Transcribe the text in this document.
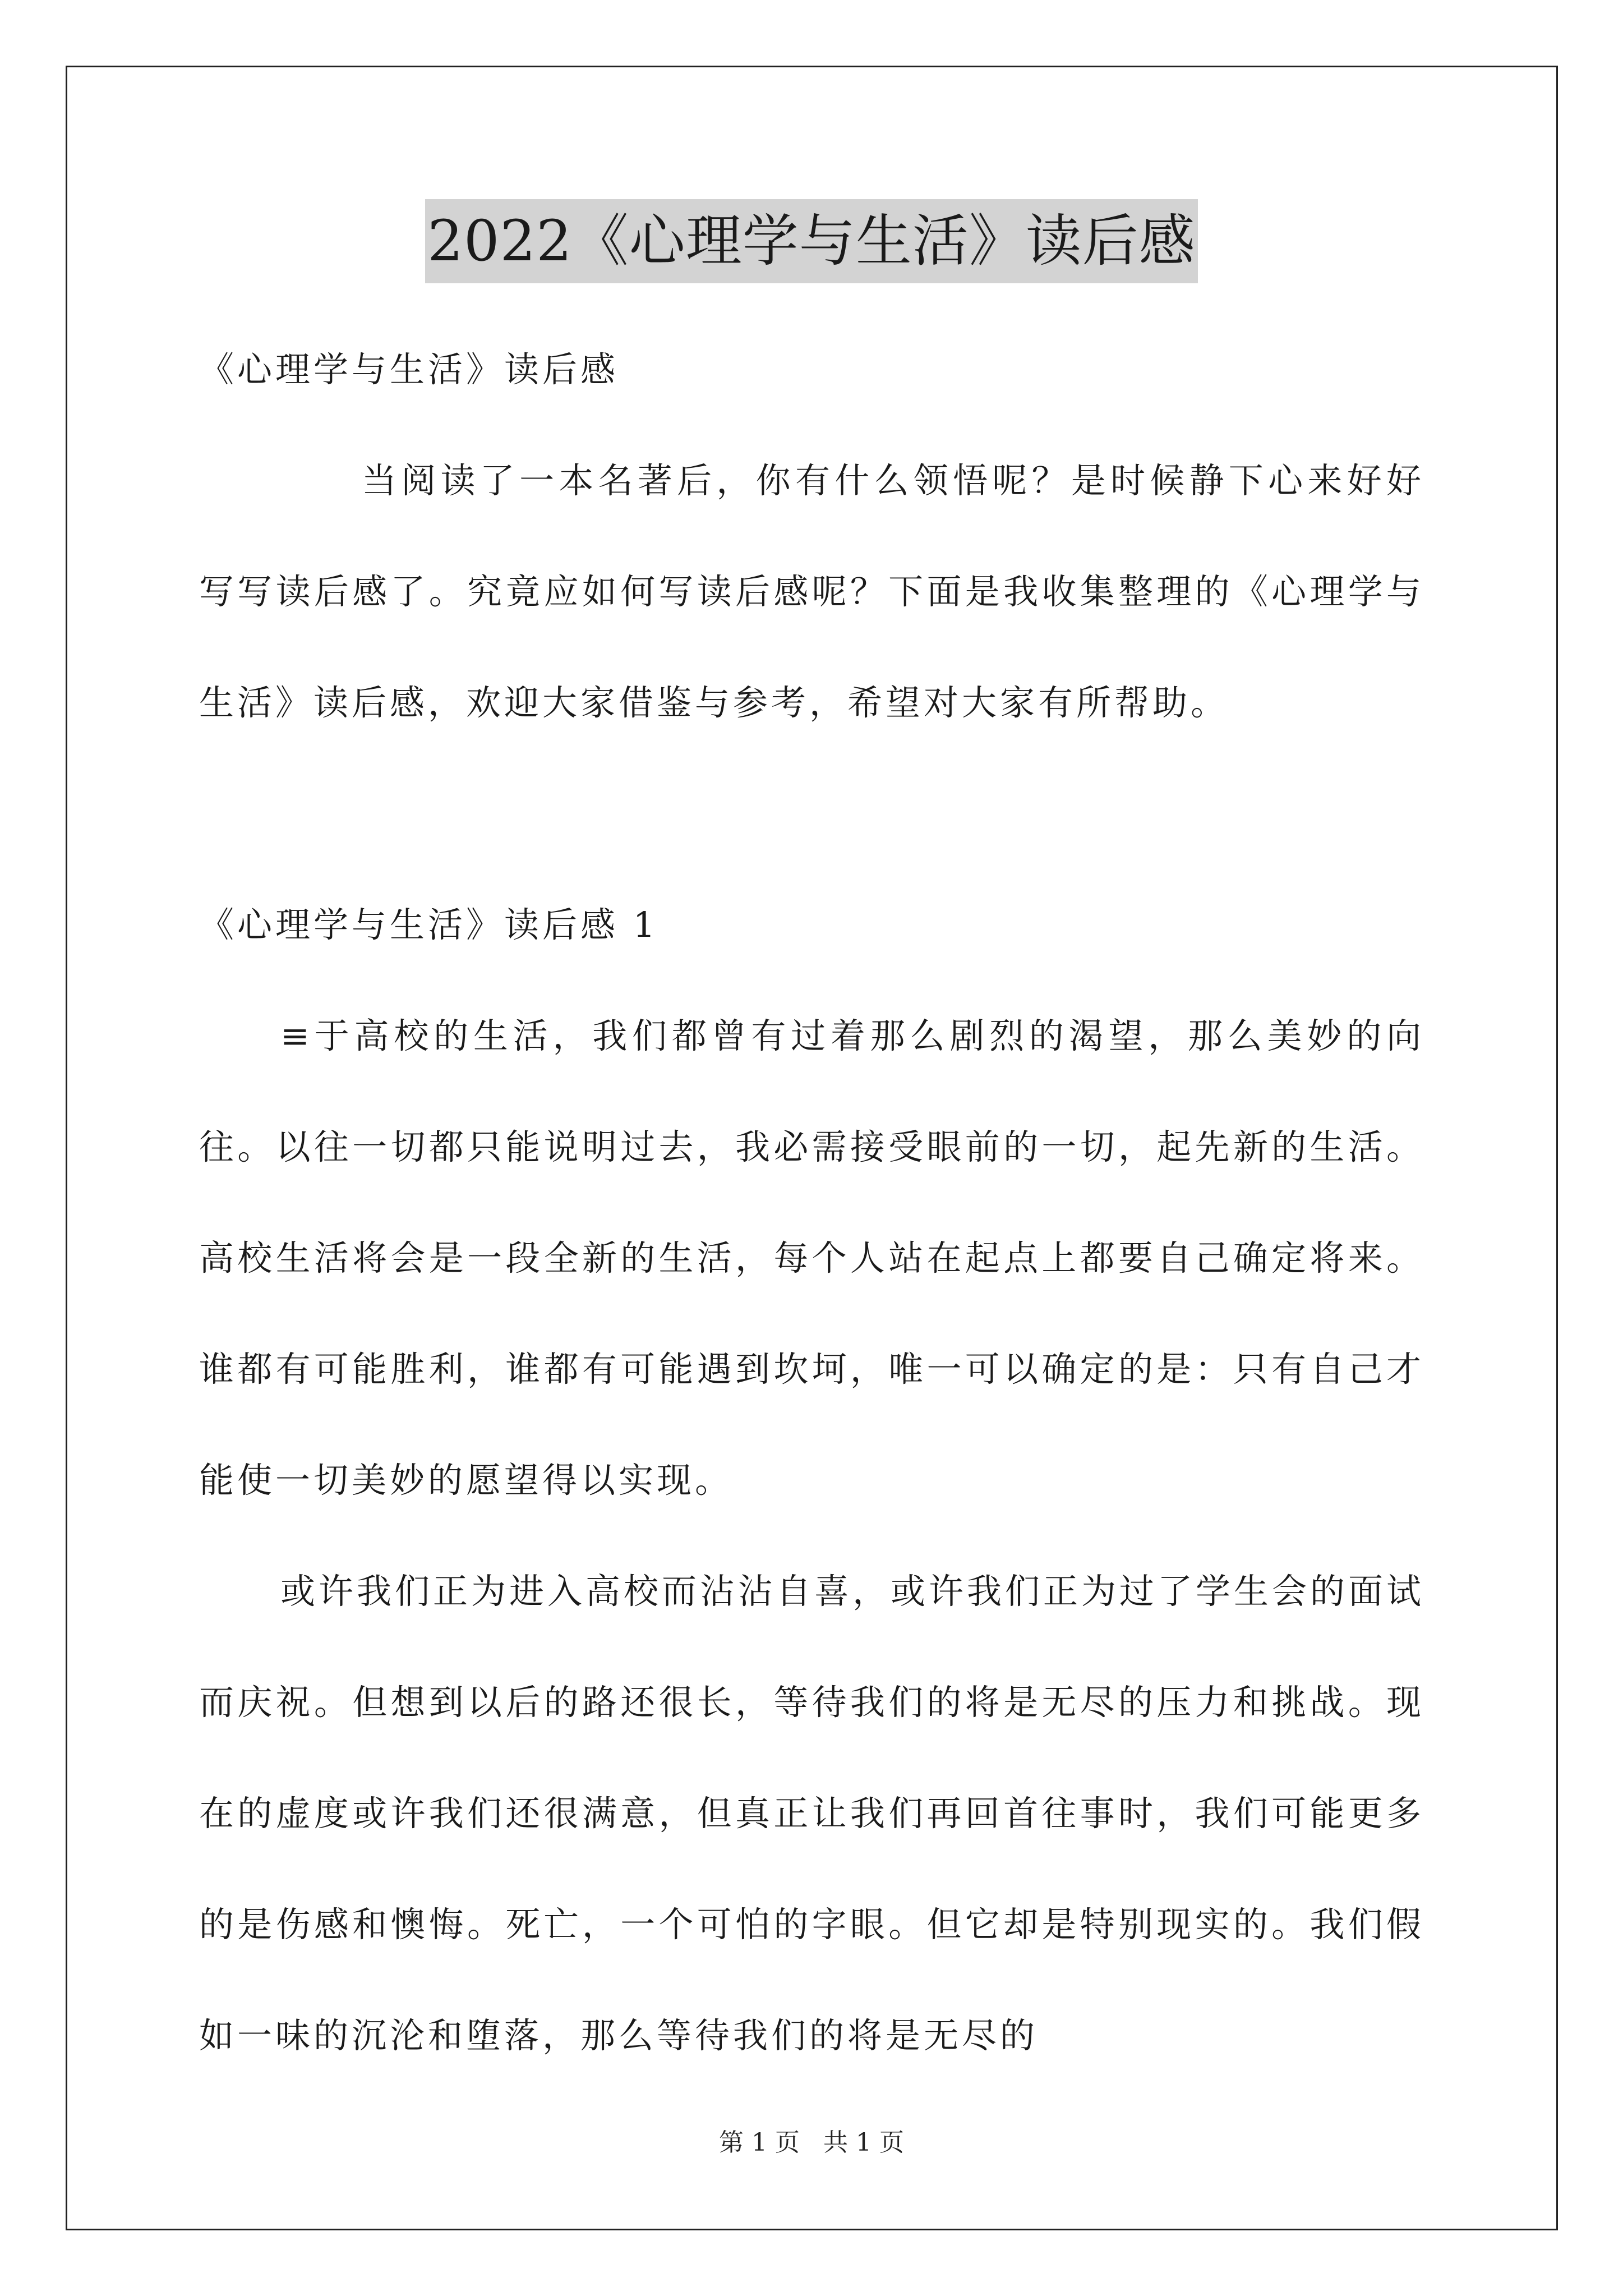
2022《心理学与生活》读后感

《心理学与生活》读后感

当阅读了一本名著后，你有什么领悟呢？是时候静下心来好好写写读后感了。究竟应如何写读后感呢？下面是我收集整理的《心理学与生活》读后感，欢迎大家借鉴与参考，希望对大家有所帮助。

《心理学与生活》读后感 1

≡于高校的生活，我们都曾有过着那么剧烈的渴望，那么美妙的向往。以往一切都只能说明过去，我必需接受眼前的一切，起先新的生活。高校生活将会是一段全新的生活，每个人站在起点上都要自己确定将来。谁都有可能胜利，谁都有可能遇到坎坷，唯一可以确定的是：只有自己才能使一切美妙的愿望得以实现。

或许我们正为进入高校而沾沾自喜，或许我们正为过了学生会的面试而庆祝。但想到以后的路还很长，等待我们的将是无尽的压力和挑战。现在的虚度或许我们还很满意，但真正让我们再回首往事时，我们可能更多的是伤感和懊悔。死亡，一个可怕的字眼。但它却是特别现实的。我们假如一味的沉沦和堕落，那么等待我们的将是无尽的

第 1 页 共 1 页
